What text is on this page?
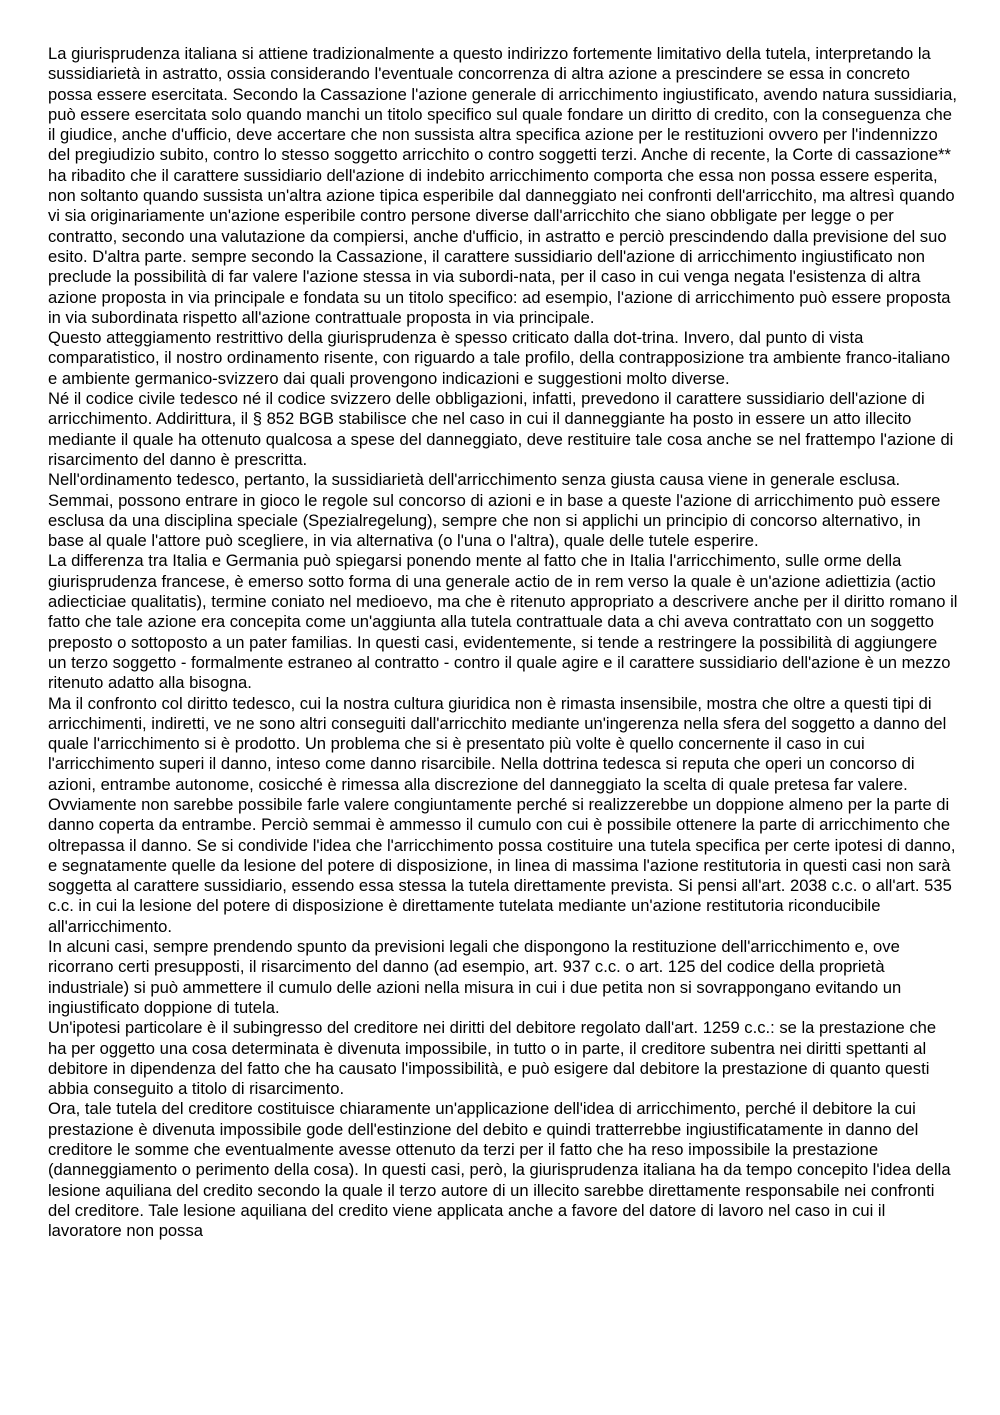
La giurisprudenza italiana si attiene tradizionalmente a questo indirizzo fortemente limitativo della tutela, interpretando la sussidiarietà in astratto, ossia considerando l'eventuale concorrenza di altra azione a prescindere se essa in concreto possa essere esercitata. Secondo la Cassazione l'azione generale di arricchimento ingiustificato, avendo natura sussidiaria, può essere esercitata solo quando manchi un titolo specifico sul quale fondare un diritto di credito, con la conseguenza che il giudice, anche d'ufficio, deve accertare che non sussista altra specifica azione per le restituzioni ovvero per l'indennizzo del pregiudizio subito, contro lo stesso soggetto arricchito o contro soggetti terzi. Anche di recente, la Corte di cassazione** ha ribadito che il carattere sussidiario dell'azione di indebito arricchimento comporta che essa non possa essere esperita, non soltanto quando sussista un'altra azione tipica esperibile dal danneggiato nei confronti dell'arricchito, ma altresì quando vi sia originariamente un'azione esperibile contro persone diverse dall'arricchito che siano obbligate per legge o per contratto, secondo una valutazione da compiersi, anche d'ufficio, in astratto e perciò prescindendo dalla previsione del suo esito. D'altra parte. sempre secondo la Cassazione, il carattere sussidiario dell'azione di arricchimento ingiustificato non preclude la possibilità di far valere l'azione stessa in via subordi-nata, per il caso in cui venga negata l'esistenza di altra azione proposta in via principale e fondata su un titolo specifico: ad esempio, l'azione di arricchimento può essere proposta in via subordinata rispetto all'azione contrattuale proposta in via principale.

Questo atteggiamento restrittivo della giurisprudenza è spesso criticato dalla dot-trina. Invero, dal punto di vista comparatistico, il nostro ordinamento risente, con riguardo a tale profilo, della contrapposizione tra ambiente franco-italiano e ambiente germanico-svizzero dai quali provengono indicazioni e suggestioni molto diverse.

Né il codice civile tedesco né il codice svizzero delle obbligazioni, infatti, prevedono il carattere sussidiario dell'azione di arricchimento. Addirittura, il § 852 BGB stabilisce che nel caso in cui il danneggiante ha posto in essere un atto illecito mediante il quale ha ottenuto qualcosa a spese del danneggiato, deve restituire tale cosa anche se nel frattempo l'azione di risarcimento del danno è prescritta.

Nell'ordinamento tedesco, pertanto, la sussidiarietà dell'arricchimento senza giusta causa viene in generale esclusa. Semmai, possono entrare in gioco le regole sul concorso di azioni e in base a queste l'azione di arricchimento può essere esclusa da una disciplina speciale (Spezialregelung), sempre che non si applichi un principio di concorso alternativo, in base al quale l'attore può scegliere, in via alternativa (o l'una o l'altra), quale delle tutele esperire.

La differenza tra Italia e Germania può spiegarsi ponendo mente al fatto che in Italia l'arricchimento, sulle orme della giurisprudenza francese, è emerso sotto forma di una generale actio de in rem verso la quale è un'azione adiettizia (actio adiecticiae qualitatis), termine coniato nel medioevo, ma che è ritenuto appropriato a descrivere anche per il diritto romano il fatto che tale azione era concepita come un'aggiunta alla tutela contrattuale data a chi aveva contrattato con un soggetto preposto o sottoposto a un pater familias. In questi casi, evidentemente, si tende a restringere la possibilità di aggiungere un terzo soggetto - formalmente estraneo al contratto - contro il quale agire e il carattere sussidiario dell'azione è un mezzo ritenuto adatto alla bisogna.

Ma il confronto col diritto tedesco, cui la nostra cultura giuridica non è rimasta insensibile, mostra che oltre a questi tipi di arricchimenti, indiretti, ve ne sono altri conseguiti dall'arricchito mediante un'ingerenza nella sfera del soggetto a danno del quale l'arricchimento si è prodotto. Un problema che si è presentato più volte è quello concernente il caso in cui l'arricchimento superi il danno, inteso come danno risarcibile. Nella dottrina tedesca si reputa che operi un concorso di azioni, entrambe autonome, cosicché è rimessa alla discrezione del danneggiato la scelta di quale pretesa far valere. Ovviamente non sarebbe possibile farle valere congiuntamente perché si realizzerebbe un doppione almeno per la parte di danno coperta da entrambe. Perciò semmai è ammesso il cumulo con cui è possibile ottenere la parte di arricchimento che oltrepassa il danno. Se si condivide l'idea che l'arricchimento possa costituire una tutela specifica per certe ipotesi di danno, e segnatamente quelle da lesione del potere di disposizione, in linea di massima l'azione restitutoria in questi casi non sarà soggetta al carattere sussidiario, essendo essa stessa la tutela direttamente prevista. Si pensi all'art. 2038 c.c. o all'art. 535 c.c. in cui la lesione del potere di disposizione è direttamente tutelata mediante un'azione restitutoria riconducibile all'arricchimento.

In alcuni casi, sempre prendendo spunto da previsioni legali che dispongono la restituzione dell'arricchimento e, ove ricorrano certi presupposti, il risarcimento del danno (ad esempio, art. 937 c.c. o art. 125 del codice della proprietà industriale) si può ammettere il cumulo delle azioni nella misura in cui i due petita non si sovrappongano evitando un ingiustificato doppione di tutela.

Un'ipotesi particolare è il subingresso del creditore nei diritti del debitore regolato dall'art. 1259 c.c.: se la prestazione che ha per oggetto una cosa determinata è divenuta impossibile, in tutto o in parte, il creditore subentra nei diritti spettanti al debitore in dipendenza del fatto che ha causato l'impossibilità, e può esigere dal debitore la prestazione di quanto questi abbia conseguito a titolo di risarcimento.

Ora, tale tutela del creditore costituisce chiaramente un'applicazione dell'idea di arricchimento, perché il debitore la cui prestazione è divenuta impossibile gode dell'estinzione del debito e quindi tratterrebbe ingiustificatamente in danno del creditore le somme che eventualmente avesse ottenuto da terzi per il fatto che ha reso impossibile la prestazione (danneggiamento o perimento della cosa). In questi casi, però, la giurisprudenza italiana ha da tempo concepito l'idea della lesione aquiliana del credito secondo la quale il terzo autore di un illecito sarebbe direttamente responsabile nei confronti del creditore. Tale lesione aquiliana del credito viene applicata anche a favore del datore di lavoro nel caso in cui il lavoratore non possa
